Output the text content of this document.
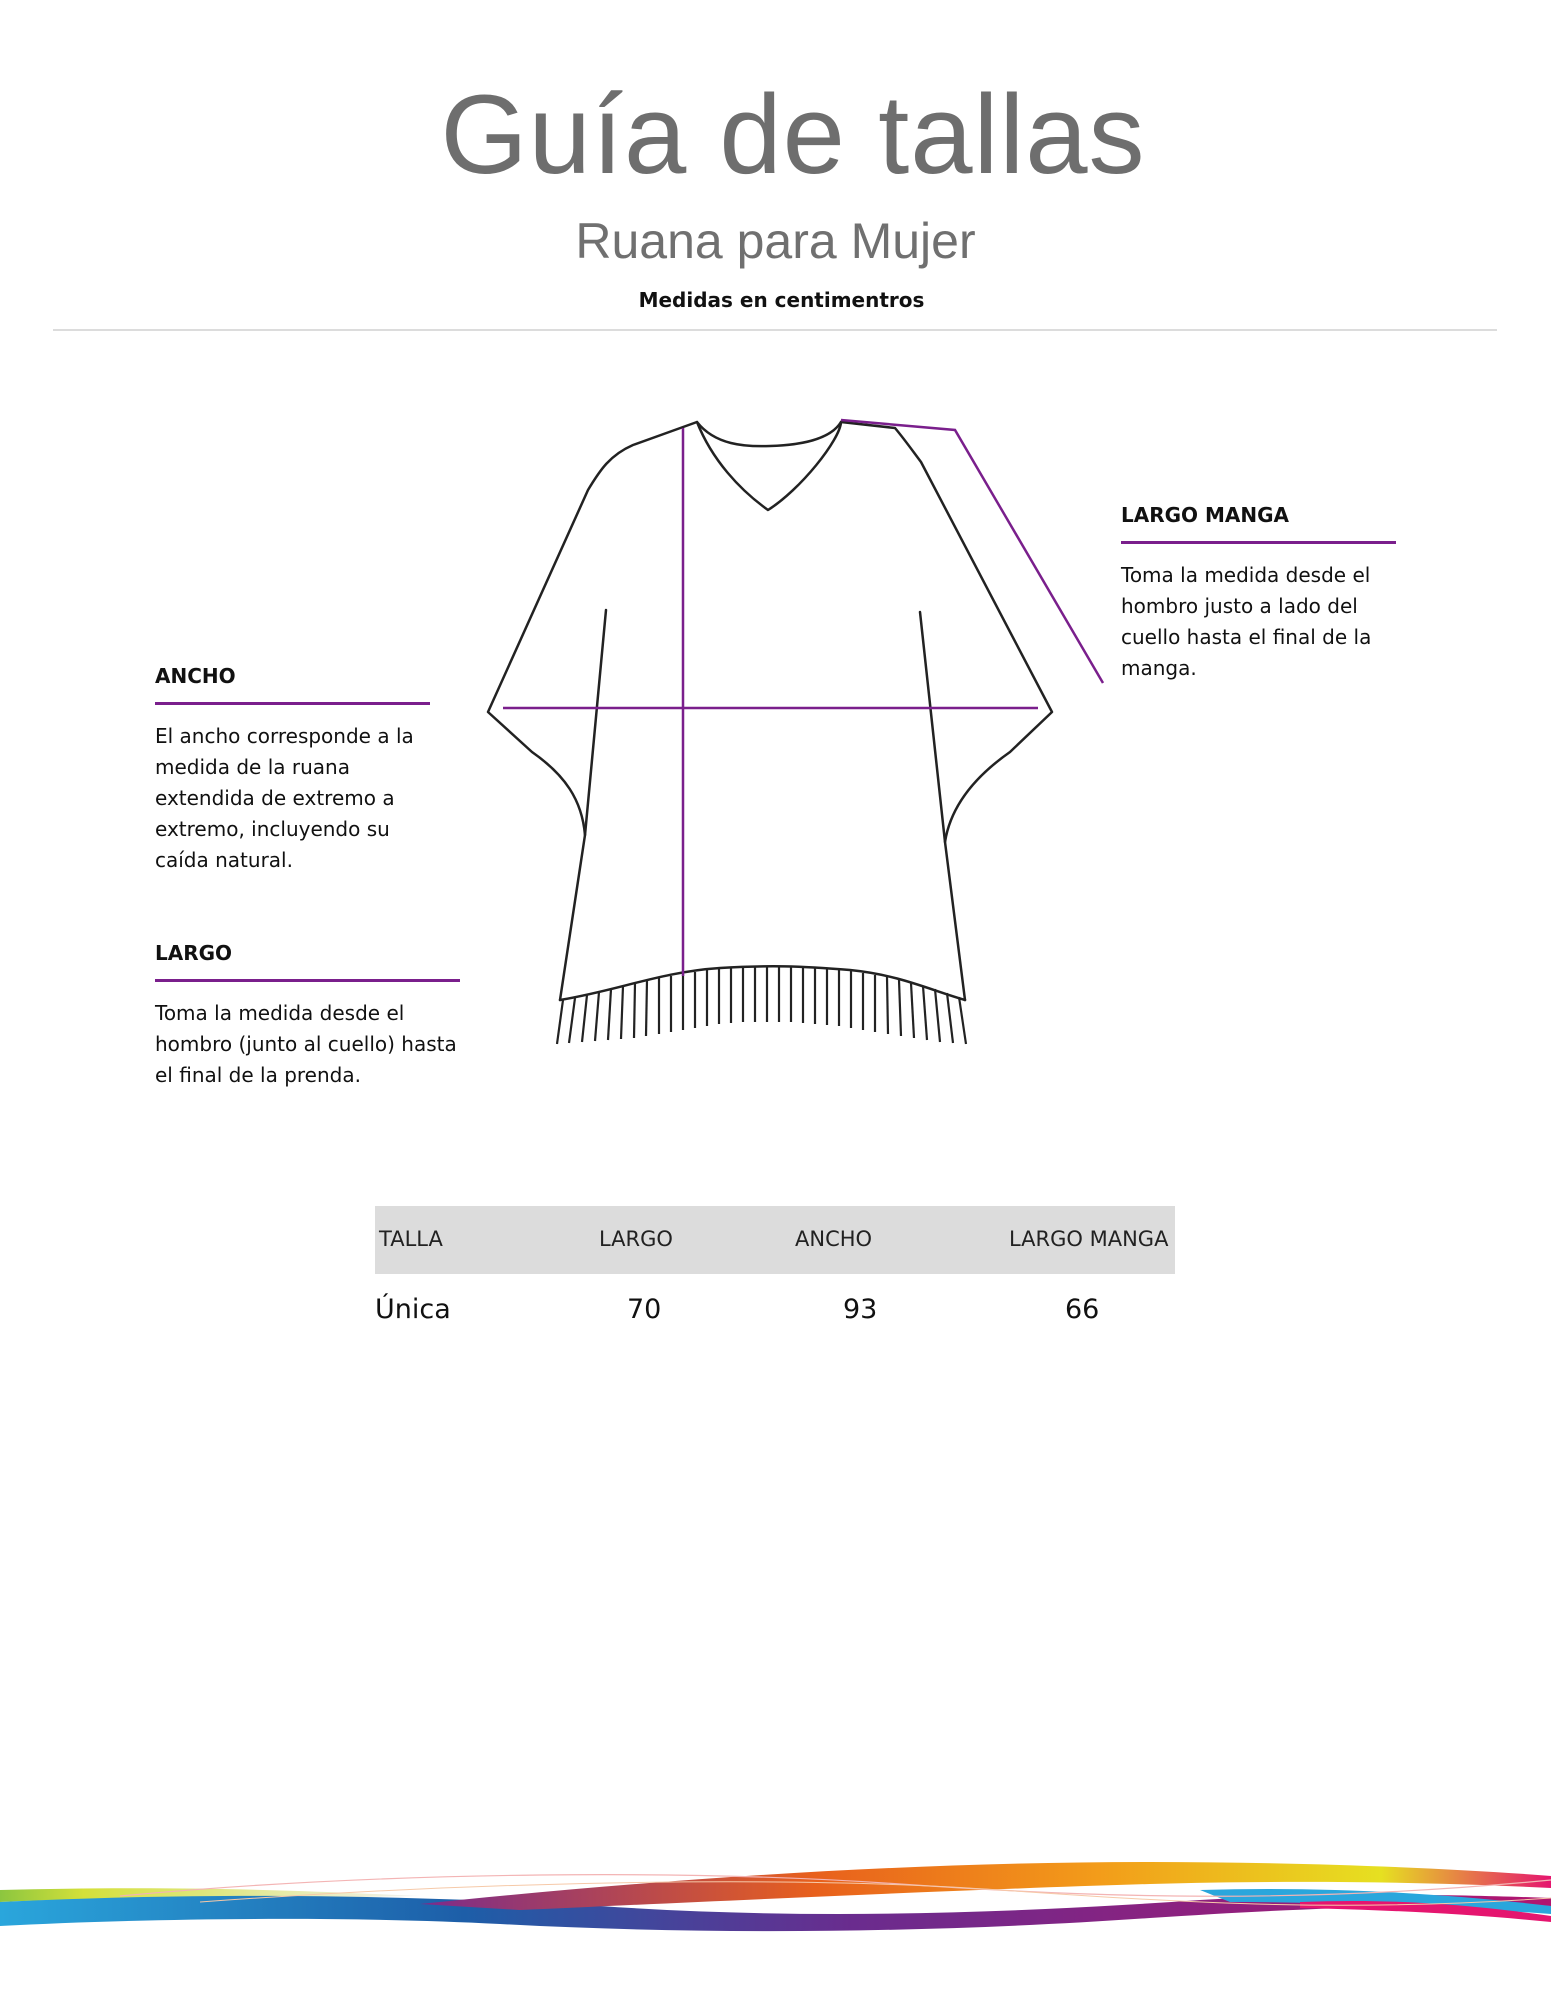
Guía de tallas
Ruana para Mujer
Medidas en centimentros
LARGO MANGA
Toma la medida desde el hombro justo a lado del cuello hasta el final de la manga.
ANCHO
El ancho corresponde a la medida de la ruana extendida de extremo a extremo, incluyendo su caída natural.
LARGO
Toma la medida desde el hombro (junto al cuello) hasta el final de la prenda.
TALLA	LARGO	ANCHO	LARGO MANGA
Única	70	93	66
